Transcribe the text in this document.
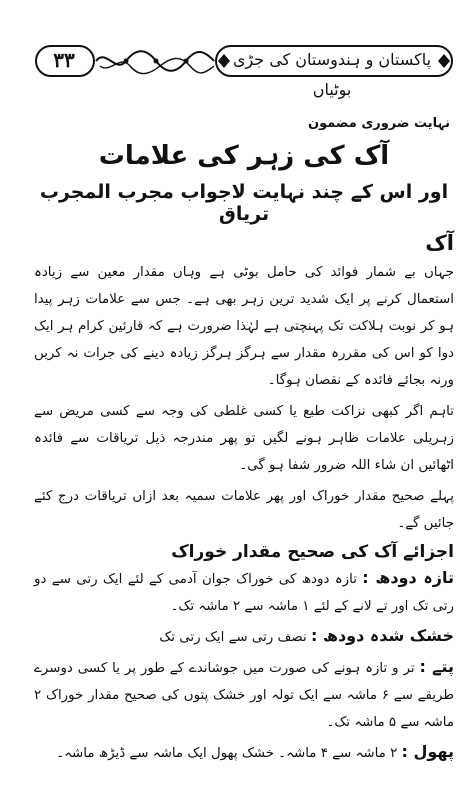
۳۳	پاکستان و ہندوستان کی جڑی بوٹیاں
نہایت ضروری مضمون
آک کی زہر کی علامات
اور اس کے چند نہایت لاجواب مجرب المجرب تریاق
آک

جہاں بے شمار فوائد کی حامل بوٹی ہے وہاں مقدار معین سے زیادہ استعمال کرنے پر ایک شدید ترین زہر بھی ہے۔ جس سے علامات زہر پیدا ہو کر نوبت ہلاکت تک پہنچتی ہے لہٰذا ضرورت ہے کہ قارئین کرام ہر ایک دوا کو اس کی مقررہ مقدار سے ہرگز ہرگز زیادہ دینے کی جرات نہ کریں ورنہ بجائے فائدہ کے نقصان ہوگا۔

تاہم اگر کبھی نزاکت طبع یا کسی غلطی کی وجہ سے کسی مریض سے زہریلی علامات ظاہر ہونے لگیں تو پھر مندرجہ ذیل تریاقات سے فائدہ اٹھائیں ان شاء اللہ ضرور شفا ہو گی۔

پہلے صحیح مقدار خوراک اور پھر علامات سمیہ بعد ازاں تریاقات درج کئے جائیں گے۔

اجزائے آک کی صحیح مقدار خوراک

تازہ دودھ : تازہ دودھ کی خوراک جوان آدمی کے لئے ایک رتی سے دو رتی تک اور تے لانے کے لئے ۱ ماشہ سے ۲ ماشہ تک۔

خشک شدہ دودھ : نصف رتی سے ایک رتی تک

پتے : تر و تازہ ہونے کی صورت میں جوشاندے کے طور پر یا کسی دوسرے طریقے سے ۶ ماشہ سے ایک تولہ اور خشک پتوں کی صحیح مقدار خوراک ۲ ماشہ سے ۵ ماشہ تک۔

پھول : ۲ ماشہ سے ۴ ماشہ۔ خشک پھول ایک ماشہ سے ڈیڑھ ماشہ۔
